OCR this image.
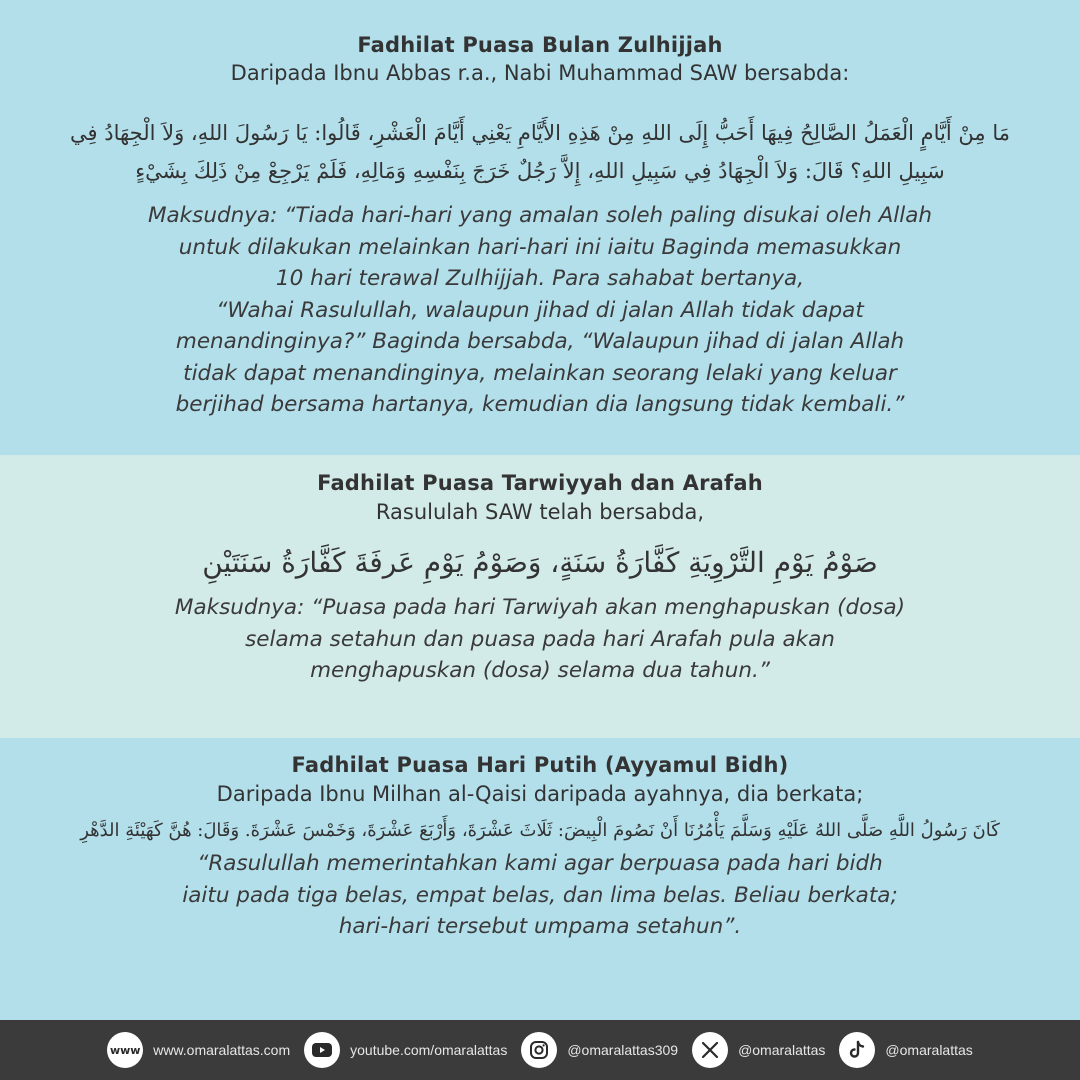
Fadhilat Puasa Bulan Zulhijjah

Daripada Ibnu Abbas r.a., Nabi Muhammad SAW bersabda:

مَا مِنْ أَيَّامٍ الْعَمَلُ الصَّالِحُ فِيهَا أَحَبُّ إِلَى اللهِ مِنْ هَذِهِ الأَيَّامِ يَعْنِي أَيَّامَ الْعَشْرِ، قَالُوا: يَا رَسُولَ اللهِ، وَلاَ الْجِهَادُ فِي سَبِيلِ اللهِ؟ قَالَ: وَلاَ الْجِهَادُ فِي سَبِيلِ اللهِ، إِلاَّ رَجُلٌ خَرَجَ بِنَفْسِهِ وَمَالِهِ، فَلَمْ يَرْجِعْ مِنْ ذَلِكَ بِشَيْءٍ

Maksudnya: “Tiada hari-hari yang amalan soleh paling disukai oleh Allah
untuk dilakukan melainkan hari-hari ini iaitu Baginda memasukkan
10 hari terawal Zulhijjah. Para sahabat bertanya,
“Wahai Rasulullah, walaupun jihad di jalan Allah tidak dapat
menandinginya?” Baginda bersabda, “Walaupun jihad di jalan Allah
tidak dapat menandinginya, melainkan seorang lelaki yang keluar
berjihad bersama hartanya, kemudian dia langsung tidak kembali.”

Fadhilat Puasa Tarwiyyah dan Arafah

Rasululah SAW telah bersabda,

صَوْمُ يَوْمِ التَّرْوِيَةِ كَفَّارَةُ سَنَةٍ، وَصَوْمُ يَوْمِ عَرفَةَ كَفَّارَةُ سَنَتَيْنِ

Maksudnya: “Puasa pada hari Tarwiyah akan menghapuskan (dosa)
selama setahun dan puasa pada hari Arafah pula akan
menghapuskan (dosa) selama dua tahun.”

Fadhilat Puasa Hari Putih (Ayyamul Bidh)

Daripada Ibnu Milhan al-Qaisi daripada ayahnya, dia berkata;

كَانَ رَسُولُ اللَّهِ صَلَّى اللهُ عَلَيْهِ وَسَلَّمَ يَأْمُرُنَا أَنْ نَصُومَ الْبِيضَ: ثَلَاثَ عَشْرَةَ، وَأَرْبَعَ عَشْرَةَ، وَخَمْسَ عَشْرَةَ. وَقَالَ: هُنَّ كَهَيْئَةِ الدَّهْرِ

“Rasulullah memerintahkan kami agar berpuasa pada hari bidh
iaitu pada tiga belas, empat belas, dan lima belas. Beliau berkata;
hari-hari tersebut umpama setahun”.
www www.omaralattas.com	youtube.com/omaralattas	@omaralattas309	@omaralattas	@omaralattas
